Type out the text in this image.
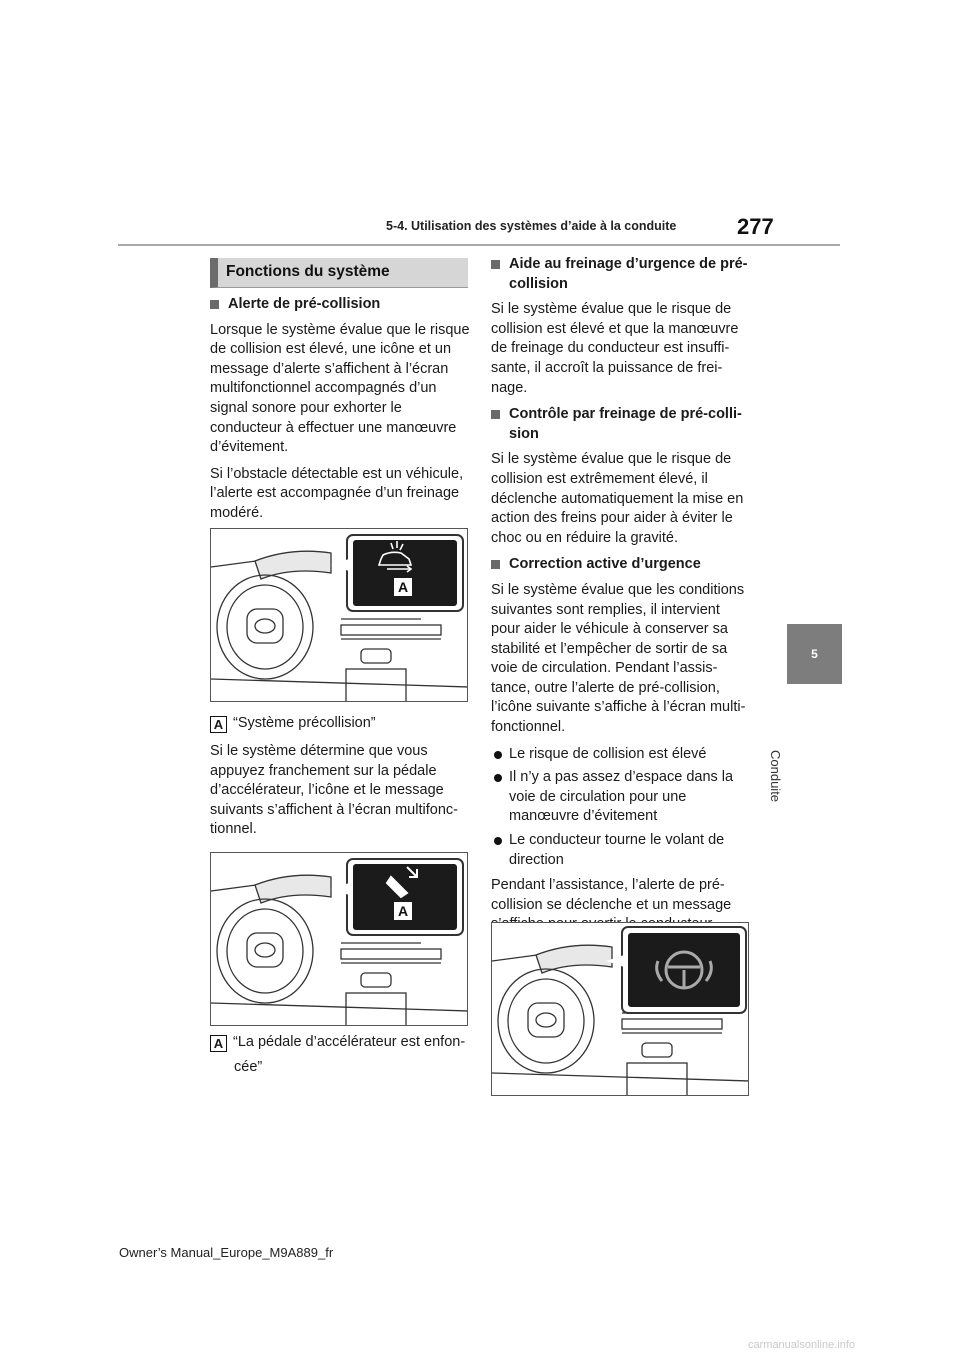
5-4. Utilisation des systèmes d’aide à la conduite	277
5
Conduite
Fonctions du système
Alerte de pré-collision

Lorsque le système évalue que le risque de collision est élevé, une icône et un message d’alerte s’affichent à l’écran multifonctionnel accompagnés d’un signal sonore pour exhorter le conducteur à effectuer une manœuvre d’évitement.

Si l’obstacle détectable est un véhicule, l’alerte est accompagnée d’un freinage modéré.

A
A “Système précollision”

Si le système détermine que vous appuyez franchement sur la pédale d’accélérateur, l’icône et le message suivants s’affichent à l’écran multifonc-tionnel.

A
A “La pédale d’accélérateur est enfon-
cée”
Aide au freinage d’urgence de pré-collision

Si le système évalue que le risque de collision est élevé et que la manœuvre de freinage du conducteur est insuffi-sante, il accroît la puissance de frei-nage.

Contrôle par freinage de pré-colli-sion

Si le système évalue que le risque de collision est extrêmement élevé, il déclenche automatiquement la mise en action des freins pour aider à éviter le choc ou en réduire la gravité.

Correction active d’urgence

Si le système évalue que les conditions suivantes sont remplies, il intervient pour aider le véhicule à conserver sa stabilité et l’empêcher de sortir de sa voie de circulation. Pendant l’assis-tance, outre l’alerte de pré-collision, l’icône suivante s’affiche à l’écran multi-fonctionnel.

Le risque de collision est élevé
Il n’y a pas assez d’espace dans la voie de circulation pour une manœuvre d’évitement
Le conducteur tourne le volant de direction

Pendant l’assistance, l’alerte de pré-collision se déclenche et un message

Owner’s Manual_Europe_M9A889_fr
carmanualsonline.info
